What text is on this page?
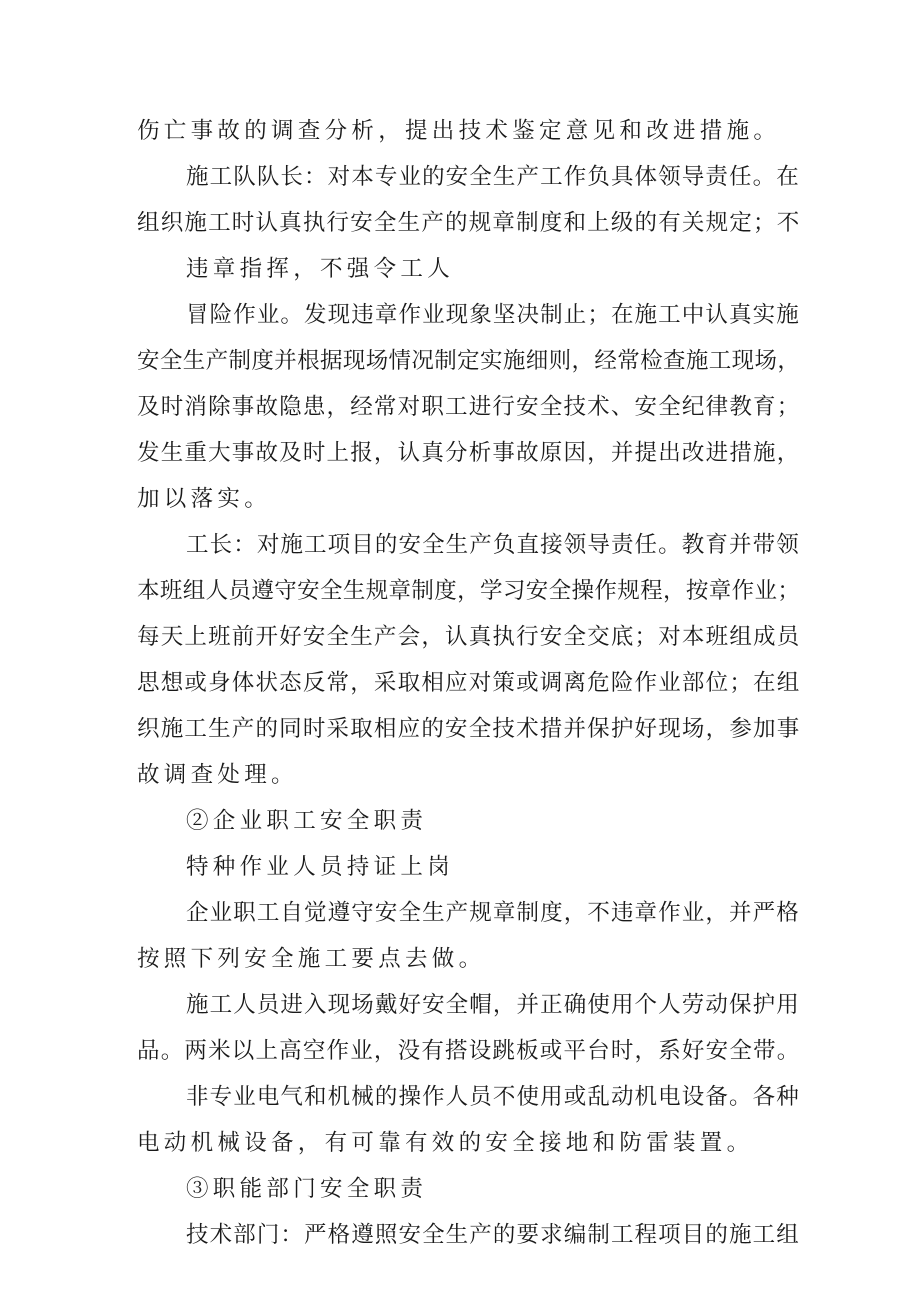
伤亡事故的调查分析，提出技术鉴定意见和改进措施。
施工队队长：对本专业的安全生产工作负具体领导责任。在
组织施工时认真执行安全生产的规章制度和上级的有关规定；不
违章指挥，不强令工人
冒险作业。发现违章作业现象坚决制止；在施工中认真实施
安全生产制度并根据现场情况制定实施细则，经常检查施工现场，
及时消除事故隐患，经常对职工进行安全技术、安全纪律教育；
发生重大事故及时上报，认真分析事故原因，并提出改进措施，
加以落实。
工长：对施工项目的安全生产负直接领导责任。教育并带领
本班组人员遵守安全生规章制度，学习安全操作规程，按章作业；
每天上班前开好安全生产会，认真执行安全交底；对本班组成员
思想或身体状态反常，采取相应对策或调离危险作业部位；在组
织施工生产的同时采取相应的安全技术措并保护好现场，参加事
故调查处理。
②企业职工安全职责
特种作业人员持证上岗
企业职工自觉遵守安全生产规章制度，不违章作业，并严格
按照下列安全施工要点去做。
施工人员进入现场戴好安全帽，并正确使用个人劳动保护用
品。两米以上高空作业，没有搭设跳板或平台时，系好安全带。
非专业电气和机械的操作人员不使用或乱动机电设备。各种
电动机械设备，有可靠有效的安全接地和防雷装置。
③职能部门安全职责
技术部门：严格遵照安全生产的要求编制工程项目的施工组
